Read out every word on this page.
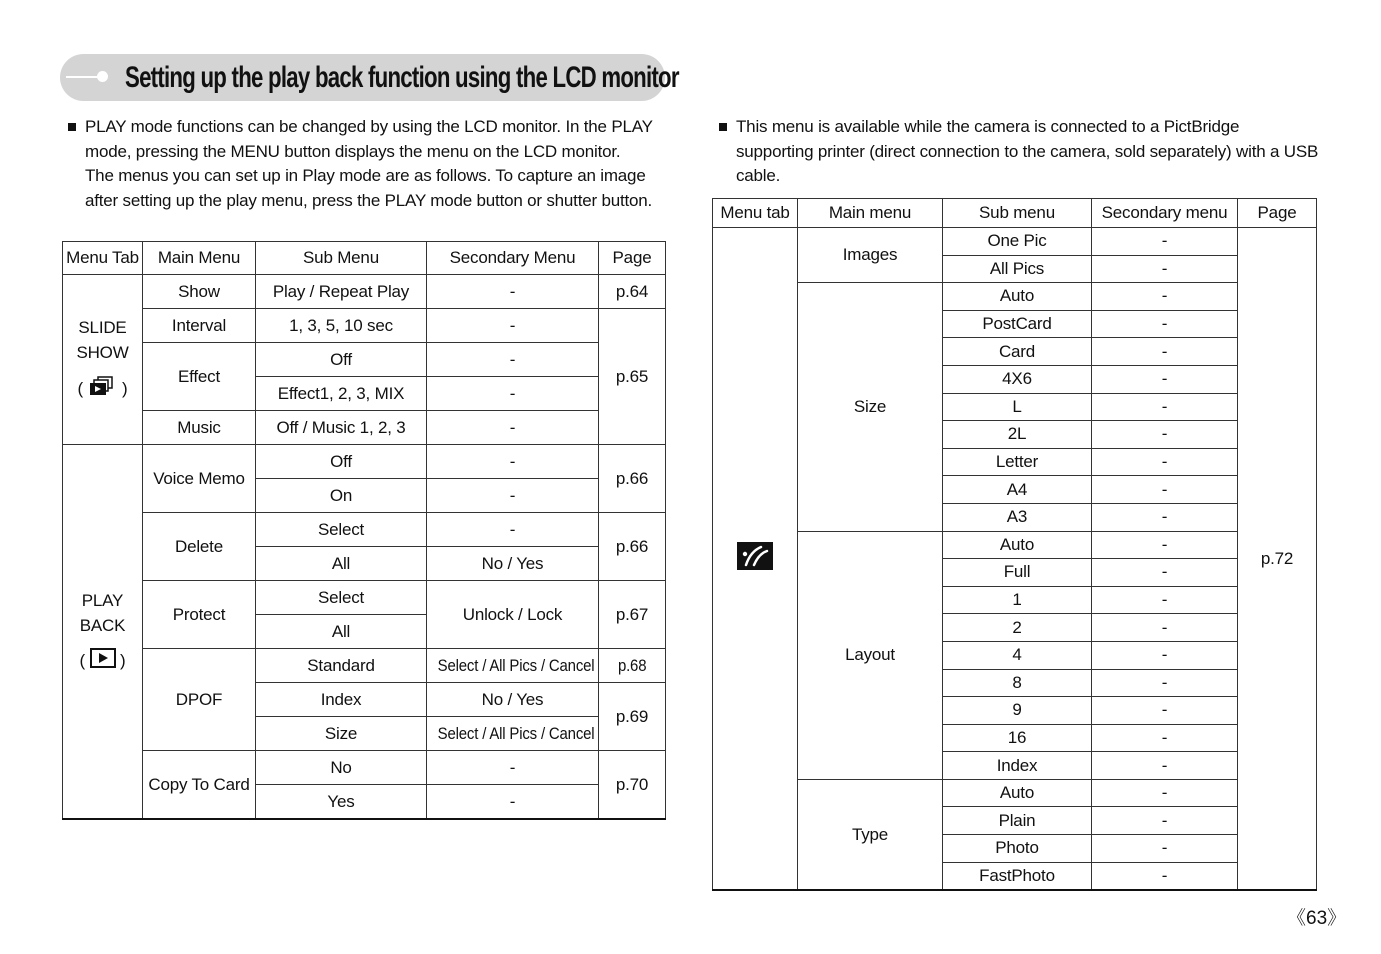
Setting up the play back function using the LCD monitor
PLAY mode functions can be changed by using the LCD monitor. In the PLAY mode, pressing the MENU button displays the menu on the LCD monitor. The menus you can set up in Play mode are as follows. To capture an image after setting up the play menu, press the PLAY mode button or shutter button.
This menu is available while the camera is connected to a PictBridge supporting printer (direct connection to the camera, sold separately) with a USB cable.
Menu Tab	Main Menu	Sub Menu	Secondary Menu	Page

SLIDE
SHOW
( )	Show	Play / Repeat Play	-	p.64
	Interval	1, 3, 5, 10 sec	-	p.65
	Effect	Off	-	
		Effect1, 2, 3, MIX	-	
	Music	Off / Music 1, 2, 3	-	

PLAY
BACK
( )	Voice Memo	Off	-	p.66
		On	-	
	Delete	Select	-	p.66
		All	No / Yes	
	Protect	Select	Unlock / Lock	p.67
		All		
	DPOF	Standard	Select / All Pics / Cancel	p.68
		Index	No / Yes	p.69
		Size	Select / All Pics / Cancel	
	Copy To Card	No	-	p.70
		Yes	-	
Menu tab	Main menu	Sub menu	Secondary menu	Page
	Images	One Pic	-	p.72
		All Pics	-	
	Size	Auto	-	
		PostCard	-	
		Card	-	
		4X6	-	
		L	-	
		2L	-	
		Letter	-	
		A4	-	
		A3	-	
	Layout	Auto	-	
		Full	-	
		1	-	
		2	-	
		4	-	
		8	-	
		9	-	
		16	-	
		Index	-	
	Type	Auto	-	
		Plain	-	
		Photo	-	
		FastPhoto	-	
《63》
